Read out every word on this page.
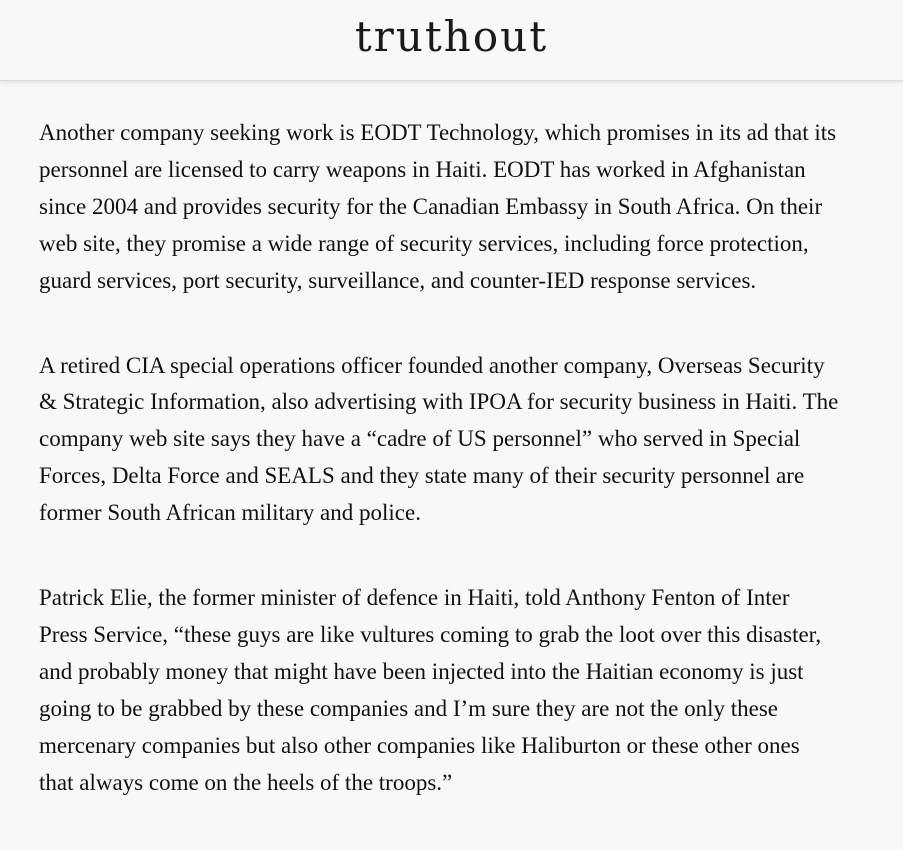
truthout

Another company seeking work is EODT Technology, which promises in its ad that its personnel are licensed to carry weapons in Haiti. EODT has worked in Afghanistan since 2004 and provides security for the Canadian Embassy in South Africa. On their web site, they promise a wide range of security services, including force protection, guard services, port security, surveillance, and counter-IED response services.

A retired CIA special operations officer founded another company, Overseas Security & Strategic Information, also advertising with IPOA for security business in Haiti. The company web site says they have a “cadre of US personnel” who served in Special Forces, Delta Force and SEALS and they state many of their security personnel are former South African military and police.

Patrick Elie, the former minister of defence in Haiti, told Anthony Fenton of Inter Press Service, “these guys are like vultures coming to grab the loot over this disaster, and probably money that might have been injected into the Haitian economy is just going to be grabbed by these companies and I’m sure they are not the only these mercenary companies but also other companies like Haliburton or these other ones that always come on the heels of the troops.”
